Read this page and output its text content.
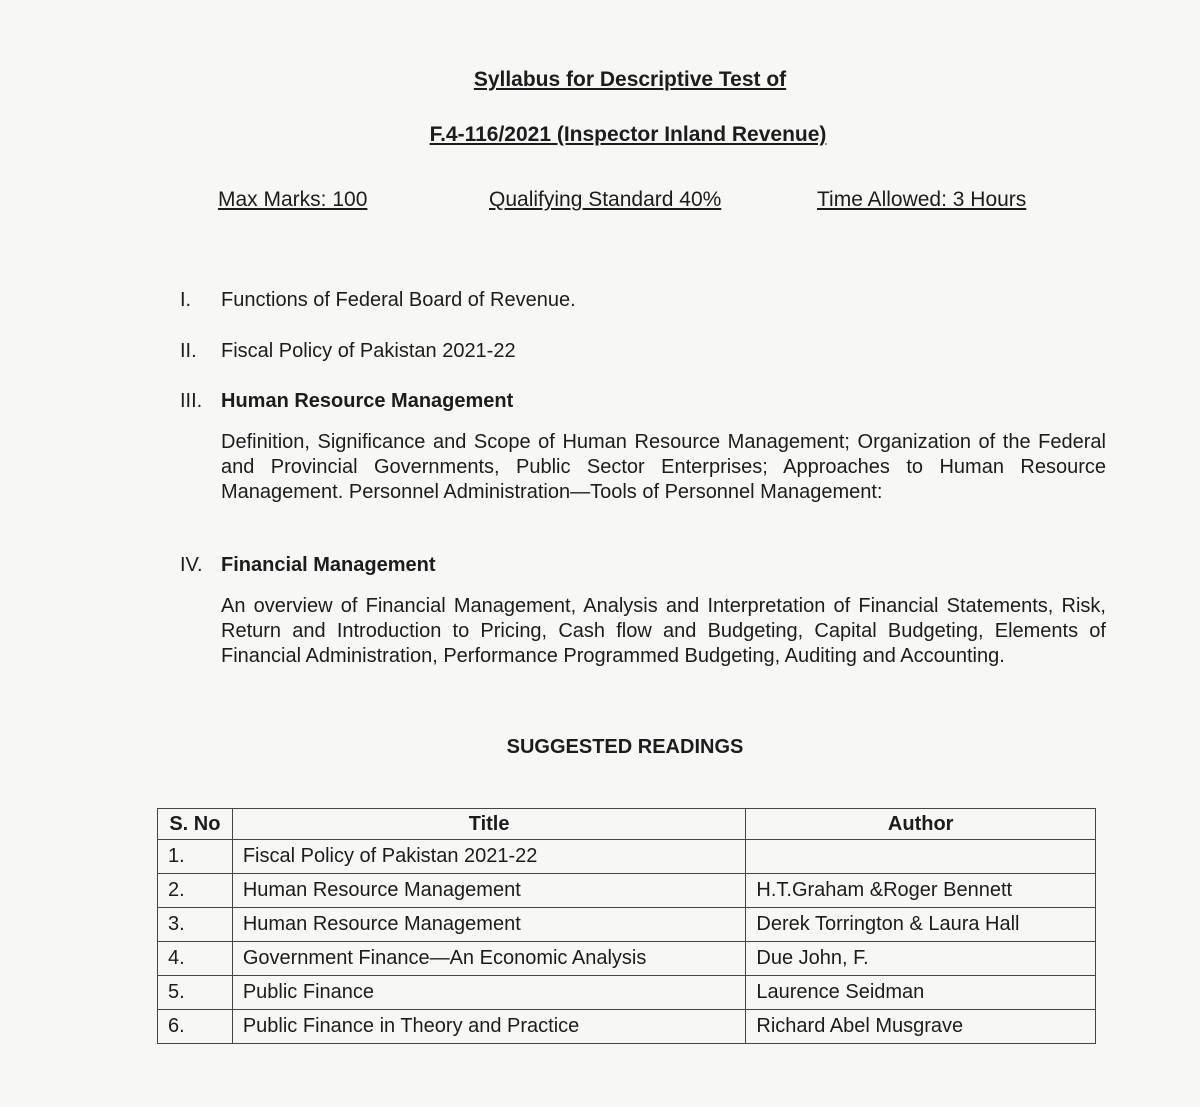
Syllabus for Descriptive Test of
F.4-116/2021 (Inspector Inland Revenue)
Max Marks: 100	Qualifying Standard 40%	Time Allowed: 3 Hours
I. Functions of Federal Board of Revenue.
II. Fiscal Policy of Pakistan 2021-22
III. Human Resource Management
Definition, Significance and Scope of Human Resource Management; Organization of the Federal and Provincial Governments, Public Sector Enterprises; Approaches to Human Resource Management. Personnel Administration—Tools of Personnel Management:
IV. Financial Management
An overview of Financial Management, Analysis and Interpretation of Financial Statements, Risk, Return and Introduction to Pricing, Cash flow and Budgeting, Capital Budgeting, Elements of Financial Administration, Performance Programmed Budgeting, Auditing and Accounting.
SUGGESTED READINGS
S. No	Title	Author
1.	Fiscal Policy of Pakistan 2021-22	
2.	Human Resource Management	H.T.Graham &Roger Bennett
3.	Human Resource Management	Derek Torrington & Laura Hall
4.	Government Finance—An Economic Analysis	Due John, F.
5.	Public Finance	Laurence Seidman
6.	Public Finance in Theory and Practice	Richard Abel Musgrave
